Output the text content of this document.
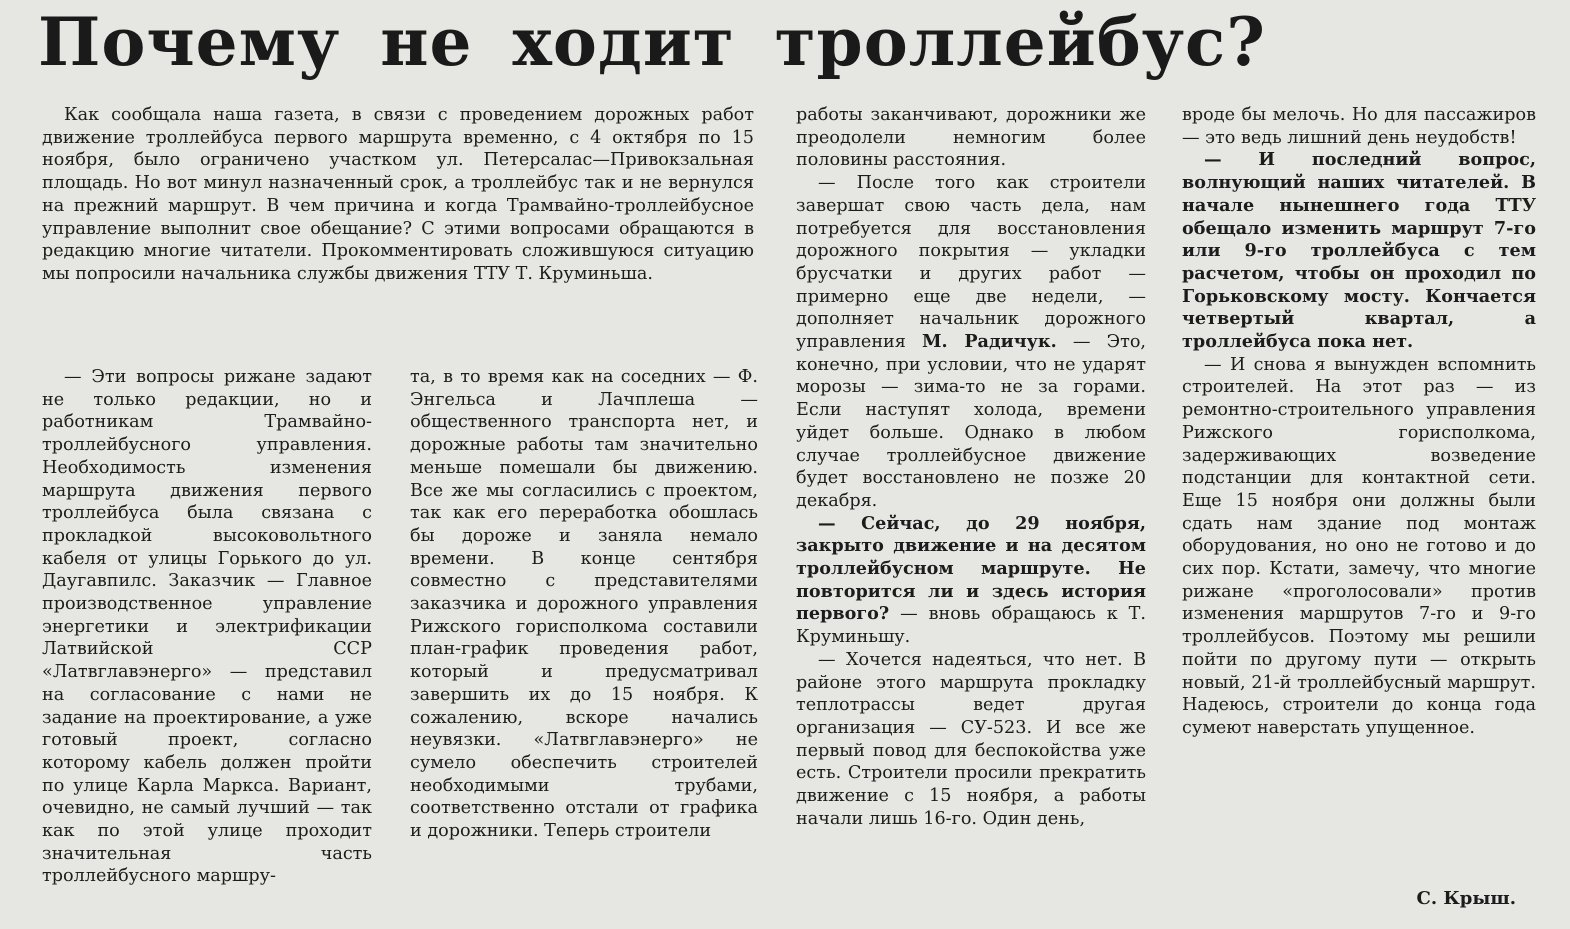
Почему не ходит троллейбус?

Как сообщала наша газета, в связи с проведением дорожных работ движение троллейбуса первого маршрута временно, с 4 октября по 15 ноября, было ограничено участком ул. Петерсалас—Привокзальная площадь. Но вот минул назначенный срок, а троллейбус так и не вернулся на прежний маршрут. В чем причина и когда Трамвайно-троллейбусное управление выполнит свое обещание? С этими вопросами обращаются в редакцию многие читатели. Прокомментировать сложившуюся ситуацию мы попросили начальника службы движения ТТУ Т. Круминьша.

— Эти вопросы рижане задают не только редакции, но и работникам Трамвайно-троллейбусного управления. Необходимость изменения маршрута движения первого троллейбуса была связана с прокладкой высоковольтного кабеля от улицы Горького до ул. Даугавпилс. Заказчик — Главное производственное управление энергетики и электрификации Латвийской ССР «Латвглавэнерго» — представил на согласование с нами не задание на проектирование, а уже готовый проект, согласно которому кабель должен пройти по улице Карла Маркса. Вариант, очевидно, не самый лучший — так как по этой улице проходит значительная часть троллейбусного маршру-

та, в то время как на соседних — Ф. Энгельса и Лачплеша — общественного транспорта нет, и дорожные работы там значительно меньше помешали бы движению. Все же мы согласились с проектом, так как его переработка обошлась бы дороже и заняла немало времени. В конце сентября совместно с представителями заказчика и дорожного управления Рижского горисполкома составили план-график проведения работ, который и предусматривал завершить их до 15 ноября. К сожалению, вскоре начались неувязки. «Латвглавэнерго» не сумело обеспечить строителей необходимыми трубами, соответственно отстали от графика и дорожники. Теперь строители

работы заканчивают, дорожники же преодолели немногим более половины расстояния.

— После того как строители завершат свою часть дела, нам потребуется для восстановления дорожного покрытия — укладки брусчатки и других работ — примерно еще две недели, — дополняет начальник дорожного управления М. Радичук. — Это, конечно, при условии, что не ударят морозы — зима-то не за горами. Если наступят холода, времени уйдет больше. Однако в любом случае троллейбусное движение будет восстановлено не позже 20 декабря.

— Сейчас, до 29 ноября, закрыто движение и на десятом троллейбусном маршруте. Не повторится ли и здесь история первого? — вновь обращаюсь к Т. Круминьшу.

— Хочется надеяться, что нет. В районе этого маршрута прокладку теплотрассы ведет другая организация — СУ-523. И все же первый повод для беспокойства уже есть. Строители просили прекратить движение с 15 ноября, а работы начали лишь 16-го. Один день,

вроде бы мелочь. Но для пассажиров — это ведь лишний день неудобств!

— И последний вопрос, волнующий наших читателей. В начале нынешнего года ТТУ обещало изменить маршрут 7-го или 9-го троллейбуса с тем расчетом, чтобы он проходил по Горьковскому мосту. Кончается четвертый квартал, а троллейбуса пока нет.

— И снова я вынужден вспомнить строителей. На этот раз — из ремонтно-строительного управления Рижского горисполкома, задерживающих возведение подстанции для контактной сети. Еще 15 ноября они должны были сдать нам здание под монтаж оборудования, но оно не готово и до сих пор. Кстати, замечу, что многие рижане «проголосовали» против изменения маршрутов 7-го и 9-го троллейбусов. Поэтому мы решили пойти по другому пути — открыть новый, 21-й троллейбусный маршрут. Надеюсь, строители до конца года сумеют наверстать упущенное.

С. Крыш.
